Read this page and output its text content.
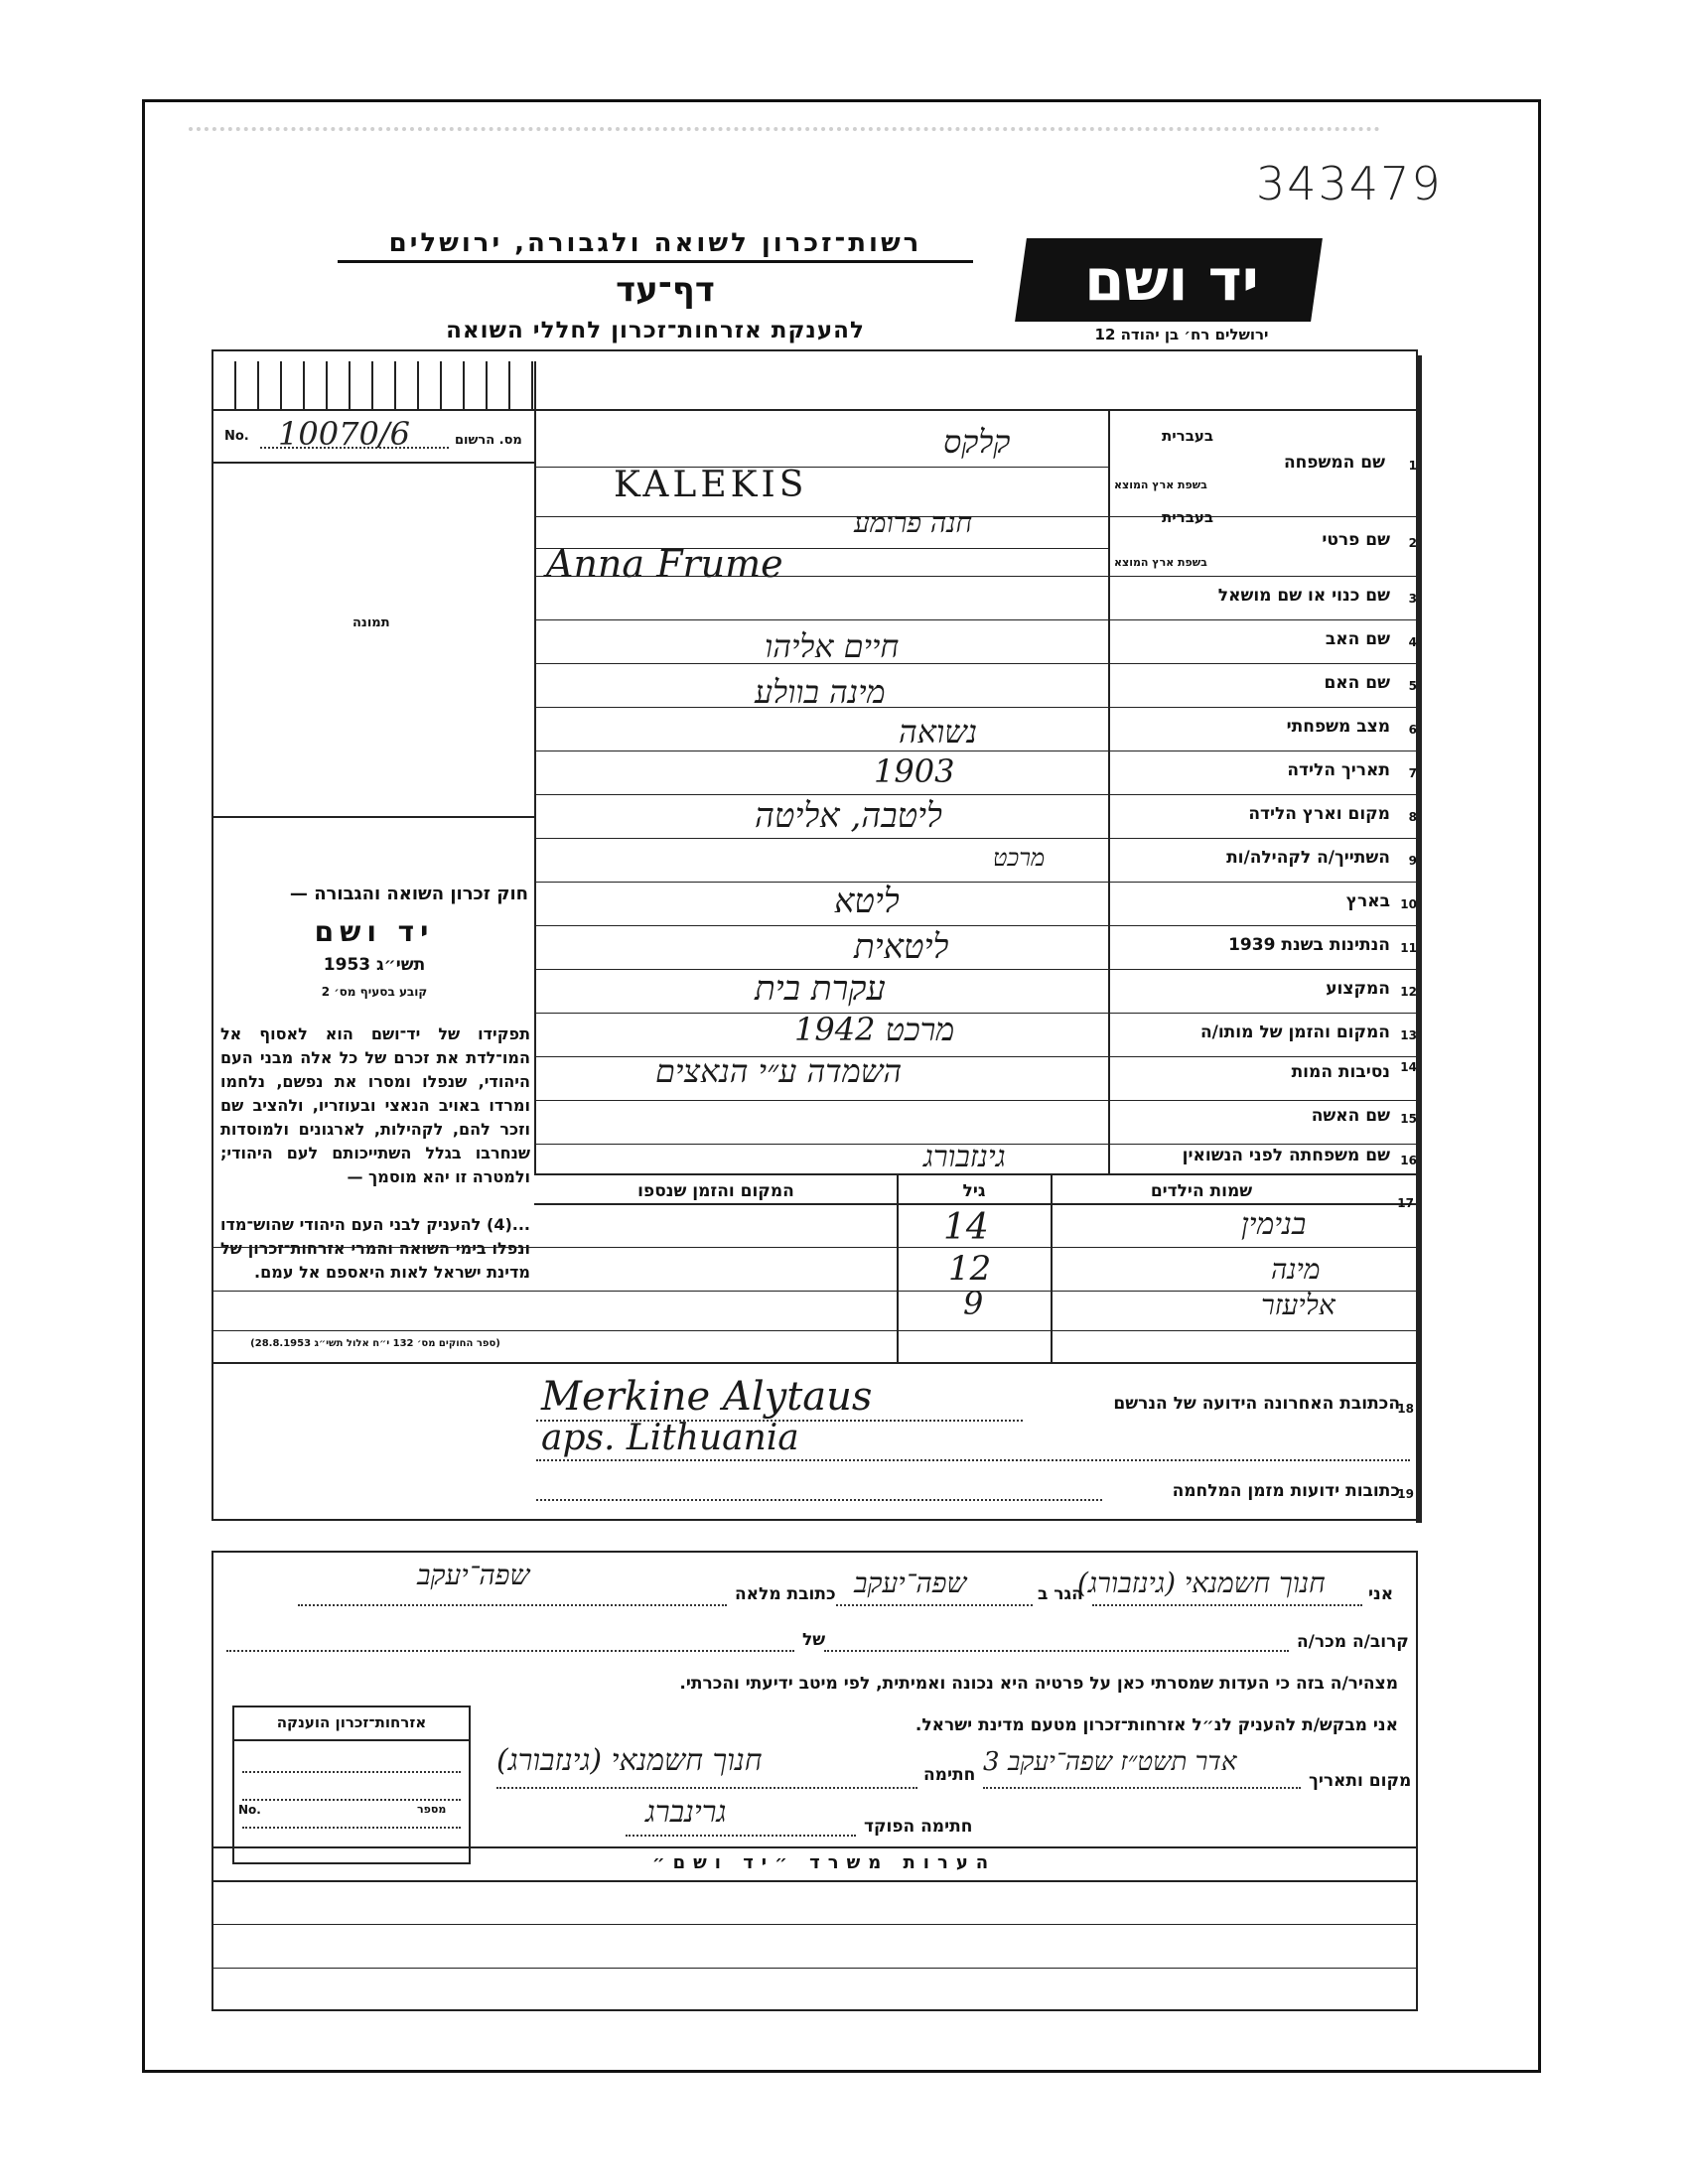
343479
רשות־זכרון לשואה ולגבורה, ירושלים
דף־עד
להענקת אזרחות־זכרון לחללי השואה
יד ושם
ירושלים רח׳ בן יהודה 12
No. 10070/6	מס. הרשום
תמונה
חוק זכרון השואה והגבורה —
יד ושם
תשי״ג 1953
קובע בסעיף מס׳ 2
תפקידו של יד־ושם הוא לאסוף אל המו־לדת את זכרם של כל אלה מבני העם היהודי, שנפלו ומסרו את נפשם, נלחמו ומרדו באויב הנאצי ובעוזריו, ולהציב שם וזכר להם, לקהילות, לארגונים ולמוסדות שנחרבו בגלל השתייכותם לעם היהודי; ולמטרה זו יהא מוסמך —
...(4) להעניק לבני העם היהודי שהוש־מדו ונפלו בימי השואה והמרי אזרחות־זכרון של מדינת ישראל לאות היאספם אל עמם.
(ספר החוקים מס׳ 132 י״ח אלול תשי״ג 28.8.1953)
1
שם המשפחה
בעברית
בשפת ארץ המוצא
קלקס
KALEKIS
2
שם פרטי
בעברית
בשפת ארץ המוצא
חנה פרומע
Anna Frume
3
שם כנוי או שם מושאל
4
שם האב
חיים אליהו
5
שם האם
מינה בוולע
6
מצב משפחתי
נשואה
7
תאריך הלידה
1903
8
מקום וארץ הלידה
ליטבה, אליטה
9
השתייך/ה לקהילה/ות
מרכט
10
בארץ
ליטא
11
הנתינות בשנת 1939
ליטאית
12
המקצוע
עקרת בית
13
המקום והזמן של מותו/ה
מרכט 1942
14
נסיבות המות
השמדה ע״י הנאצים
15
שם האשה
16
שם משפחתה לפני הנשואין
גינזבורג
17
שמות הילדים
גיל
המקום והזמן שנספו
בנימין
14
מינה
12
אליעזר
9
18
הכתובת האחרונה הידועה של הנרשם
Merkine Alytaus
aps. Lithuania
19
כתובות ידועות מזמן המלחמה
אני
חנוך חשמנאי (גינזבורג)
הגר ב
שפה־יעקב
כתובת מלאה
שפה־יעקב
קרוב/ה מכר/ה
של
מצהיר/ה בזה כי העדות שמסרתי כאן על פרטיה היא נכונה ואמיתית, לפי מיטב ידיעתי והכרתי.
אני מבקש/ת להעניק לנ״ל אזרחות־זכרון מטעם מדינת ישראל.
מקום ותאריך
3 אדר תשט״ז שפה־יעקב
חתימה
חנוך חשמנאי (גינזבורג)
חתימה הפוקד
גרינברג
אזרחות־זכרון הוענקה
No.	מספר
הערות משרד ״יד ושם״
